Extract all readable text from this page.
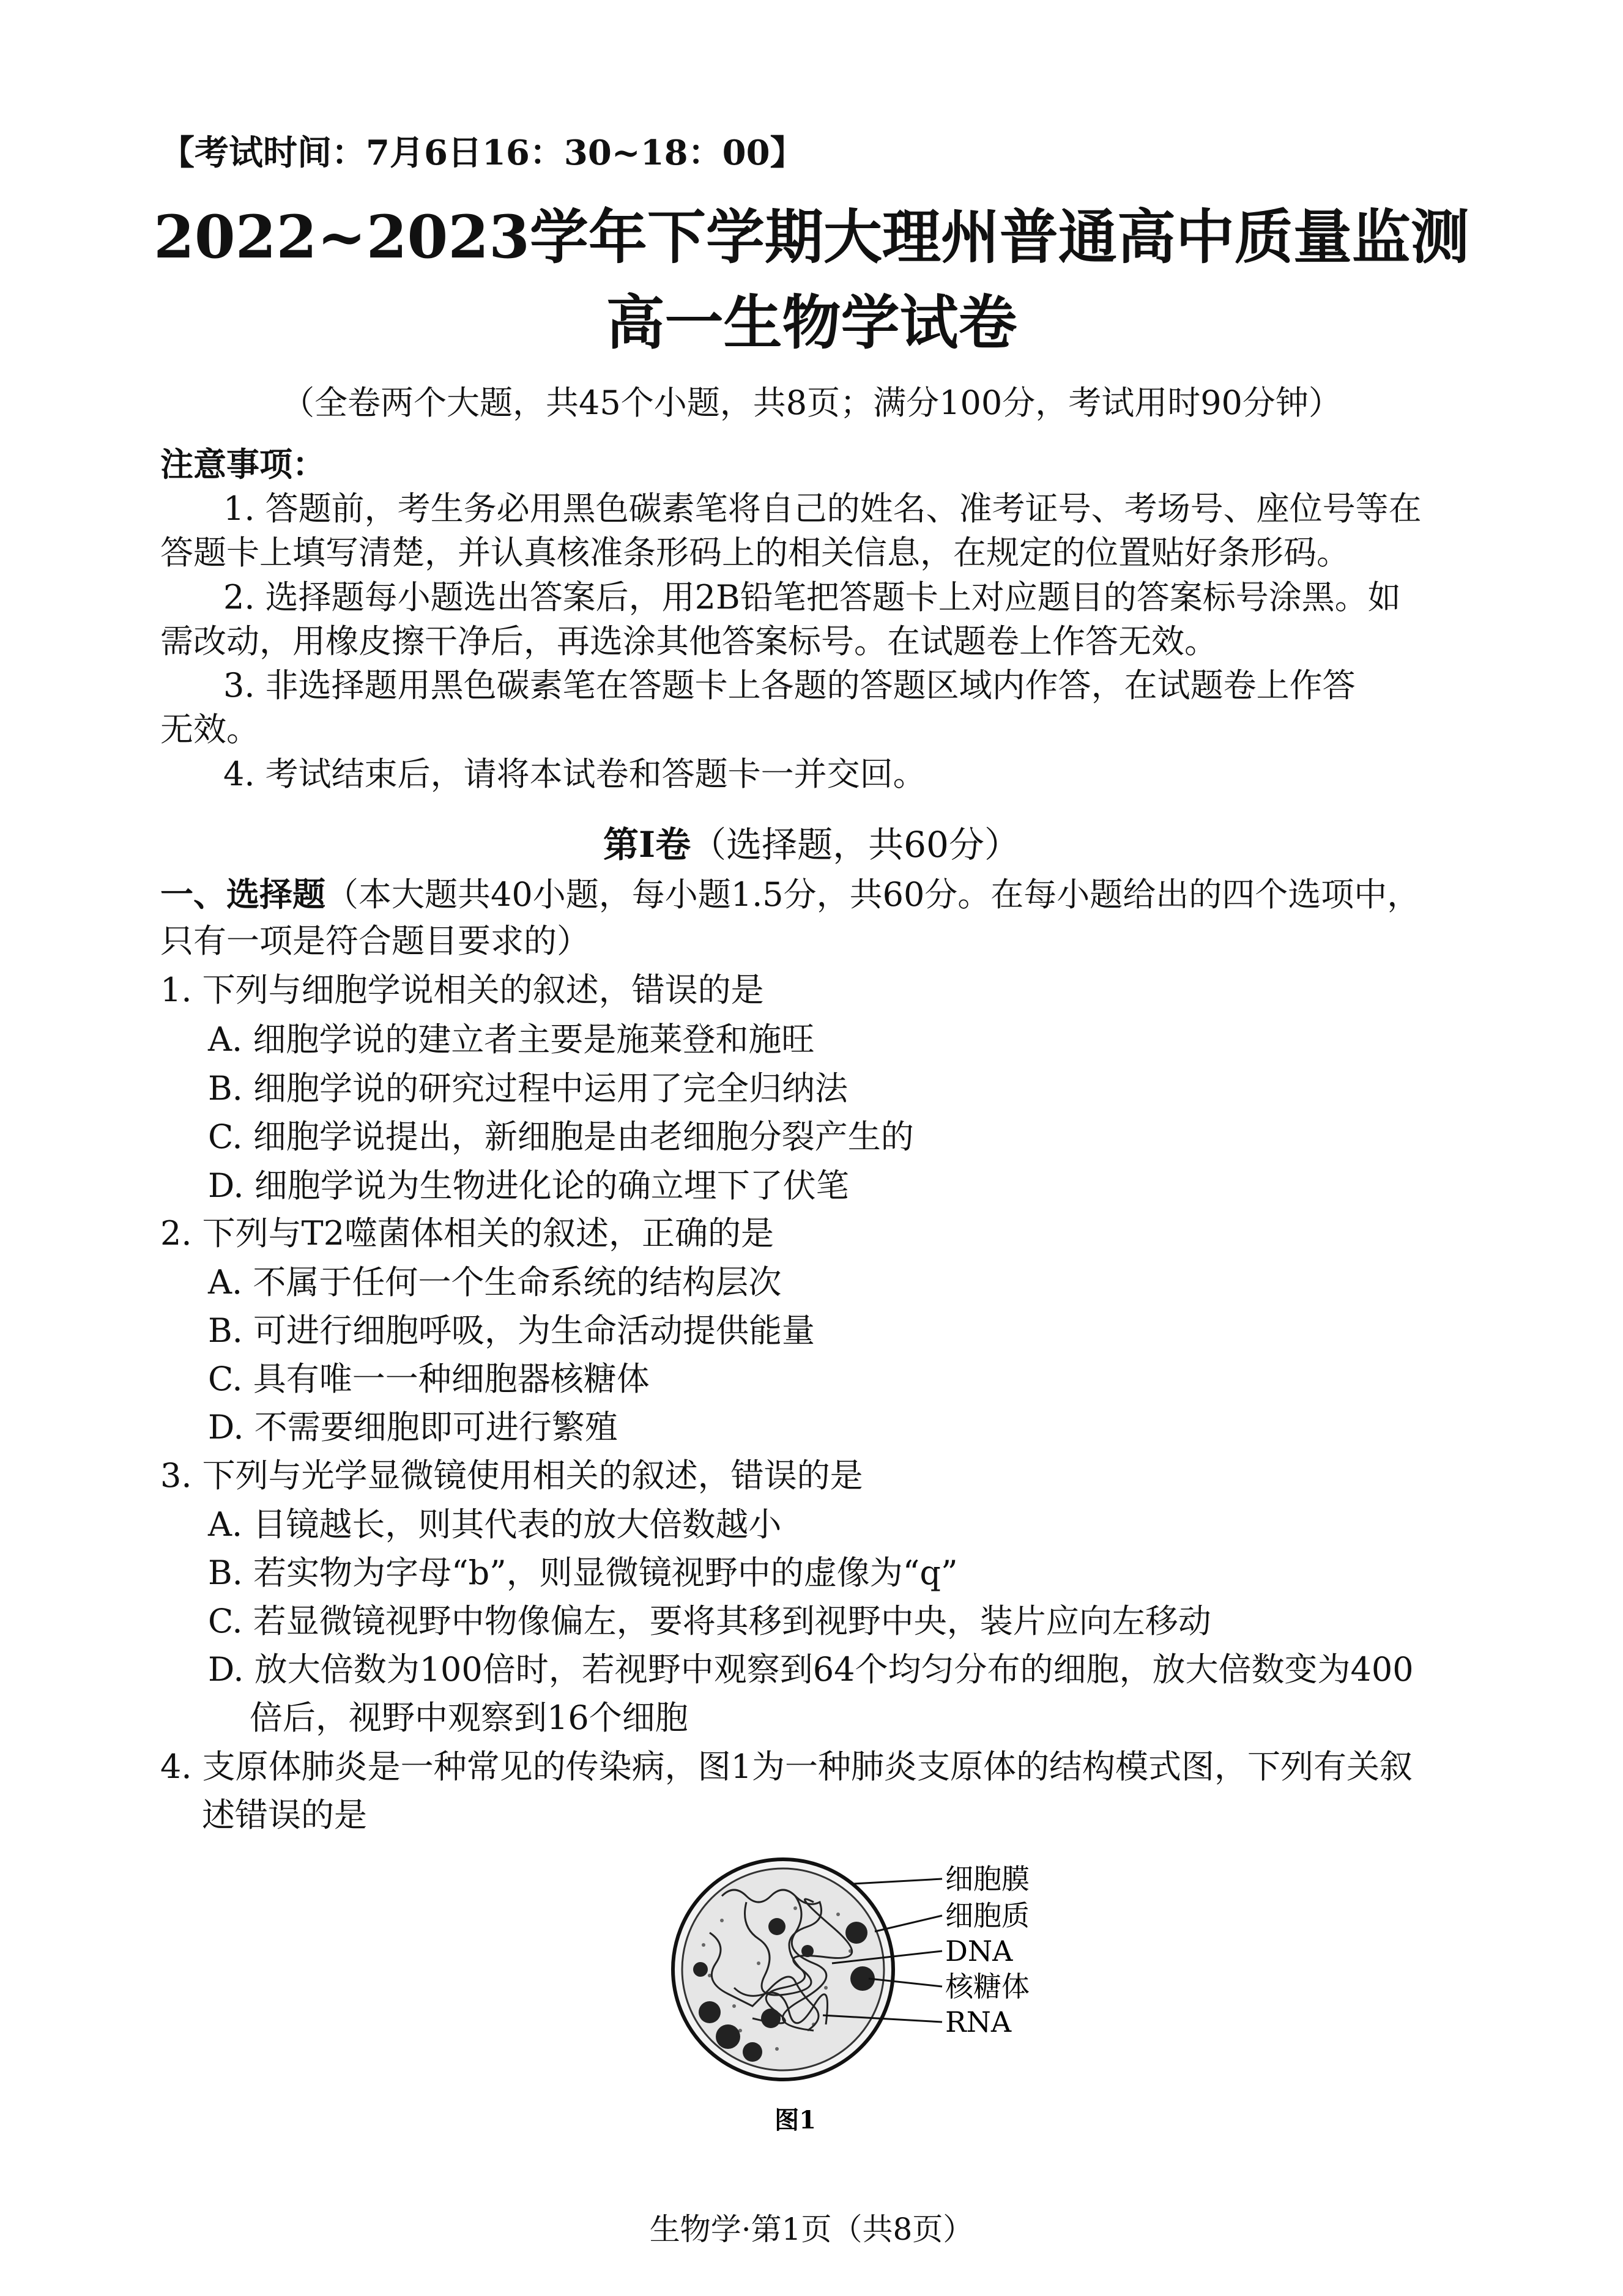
【考试时间：7月6日16：30~18：00】
2022~2023学年下学期大理州普通高中质量监测
高一生物学试卷
（全卷两个大题，共45个小题，共8页；满分100分，考试用时90分钟）
注意事项：
1. 答题前，考生务必用黑色碳素笔将自己的姓名、准考证号、考场号、座位号等在
答题卡上填写清楚，并认真核准条形码上的相关信息，在规定的位置贴好条形码。
2. 选择题每小题选出答案后，用2B铅笔把答题卡上对应题目的答案标号涂黑。如
需改动，用橡皮擦干净后，再选涂其他答案标号。在试题卷上作答无效。
3. 非选择题用黑色碳素笔在答题卡上各题的答题区域内作答，在试题卷上作答
无效。
4. 考试结束后，请将本试卷和答题卡一并交回。
第Ⅰ卷（选择题，共60分）
一、选择题（本大题共40小题，每小题1.5分，共60分。在每小题给出的四个选项中，
只有一项是符合题目要求的）
1. 下列与细胞学说相关的叙述，错误的是
A. 细胞学说的建立者主要是施莱登和施旺
B. 细胞学说的研究过程中运用了完全归纳法
C. 细胞学说提出，新细胞是由老细胞分裂产生的
D. 细胞学说为生物进化论的确立埋下了伏笔
2. 下列与T2噬菌体相关的叙述，正确的是
A. 不属于任何一个生命系统的结构层次
B. 可进行细胞呼吸，为生命活动提供能量
C. 具有唯一一种细胞器核糖体
D. 不需要细胞即可进行繁殖
3. 下列与光学显微镜使用相关的叙述，错误的是
A. 目镜越长，则其代表的放大倍数越小
B. 若实物为字母“b”，则显微镜视野中的虚像为“q”
C. 若显微镜视野中物像偏左，要将其移到视野中央，装片应向左移动
D. 放大倍数为100倍时，若视野中观察到64个均匀分布的细胞，放大倍数变为400
倍后，视野中观察到16个细胞
4. 支原体肺炎是一种常见的传染病，图1为一种肺炎支原体的结构模式图，下列有关叙
述错误的是
细胞膜
细胞质
DNA
核糖体
RNA
图1
生物学·第1页（共8页）
